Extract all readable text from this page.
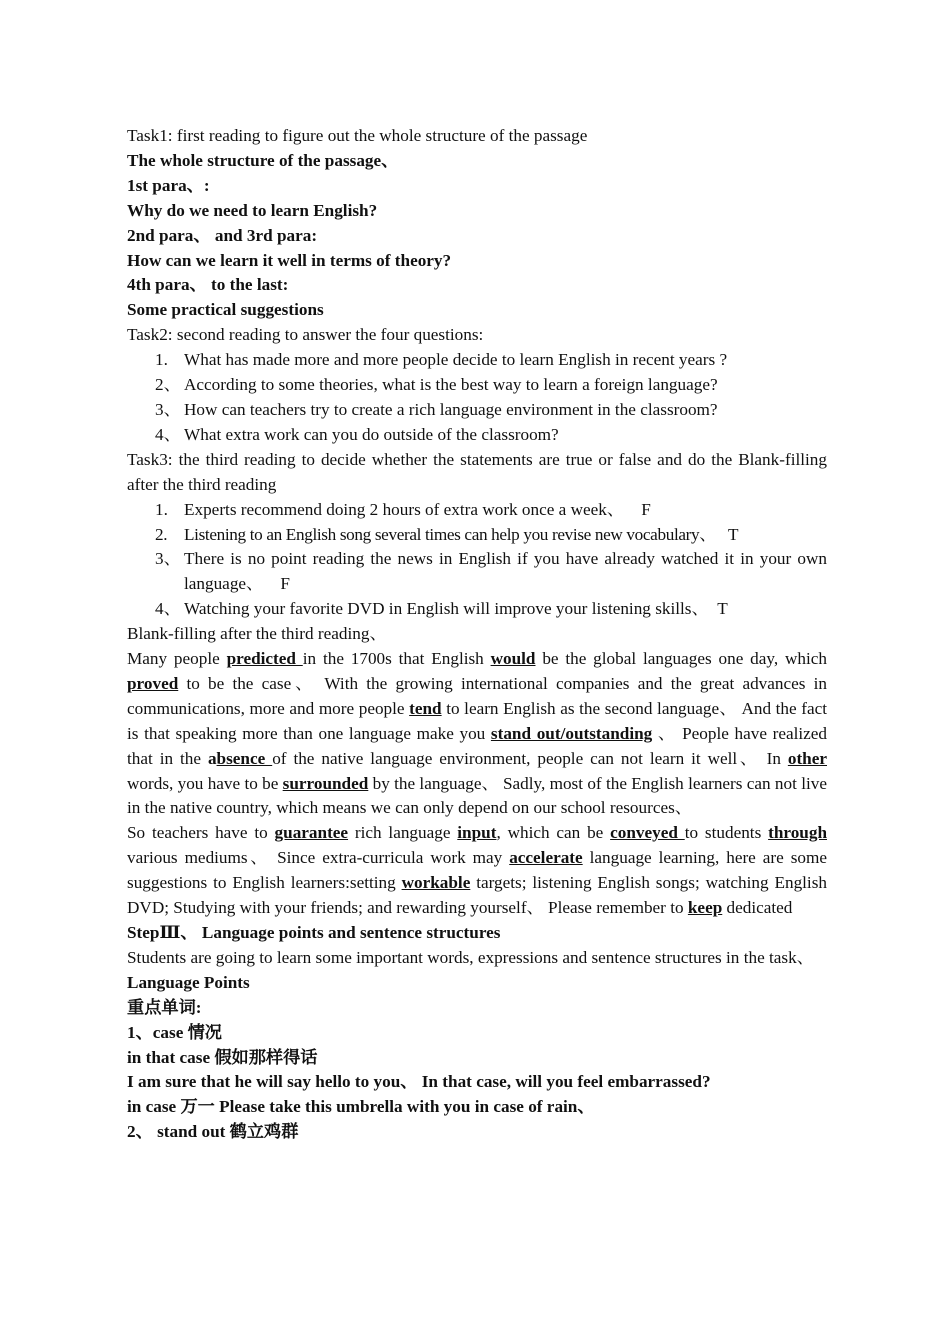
Task1: first reading to figure out the whole structure of the passage
The whole structure of the passage、
1st para、:
Why do we need to learn English?
2nd para、 and 3rd para:
How can we learn it well in terms of theory?
4th para、 to the last:
Some practical suggestions
Task2: second reading to answer the four questions:
1. What has made more and more people decide to learn English in recent years ?
2、 According to some theories, what is the best way to learn a foreign language?
3、 How can teachers try to create a rich language environment in the classroom?
4、 What extra work can you do outside of the classroom?
Task3: the third reading to decide whether the statements are true or false and do the Blank-filling after the third reading
1. Experts recommend doing 2 hours of extra work once a week、 F
2. Listening to an English song several times can help you revise new vocabulary、 T
3、 There is no point reading the news in English if you have already watched it in your own language、 F
4、 Watching your favorite DVD in English will improve your listening skills、 T
Blank-filling after the third reading、
Many people predicted in the 1700s that English would be the global languages one day, which proved to be the case、 With the growing international companies and the great advances in communications, more and more people tend to learn English as the second language、 And the fact is that speaking more than one language make you stand out/outstanding 、 People have realized that in the absence of the native language environment, people can not learn it well、 In other words, you have to be surrounded by the language、 Sadly, most of the English learners can not live in the native country, which means we can only depend on our school resources、
So teachers have to guarantee rich language input, which can be conveyed to students through various mediums、 Since extra-curricula work may accelerate language learning, here are some suggestions to English learners:setting workable targets; listening English songs; watching English DVD; Studying with your friends; and rewarding yourself、 Please remember to keep dedicated
StepⅢ、 Language points and sentence structures
Students are going to learn some important words, expressions and sentence structures in the task、
Language Points
重点单词:
1、case 情况
in that case 假如那样得话
I am sure that he will say hello to you、 In that case, will you feel embarrassed?
in case 万一 Please take this umbrella with you in case of rain、
2、 stand out 鹤立鸡群
